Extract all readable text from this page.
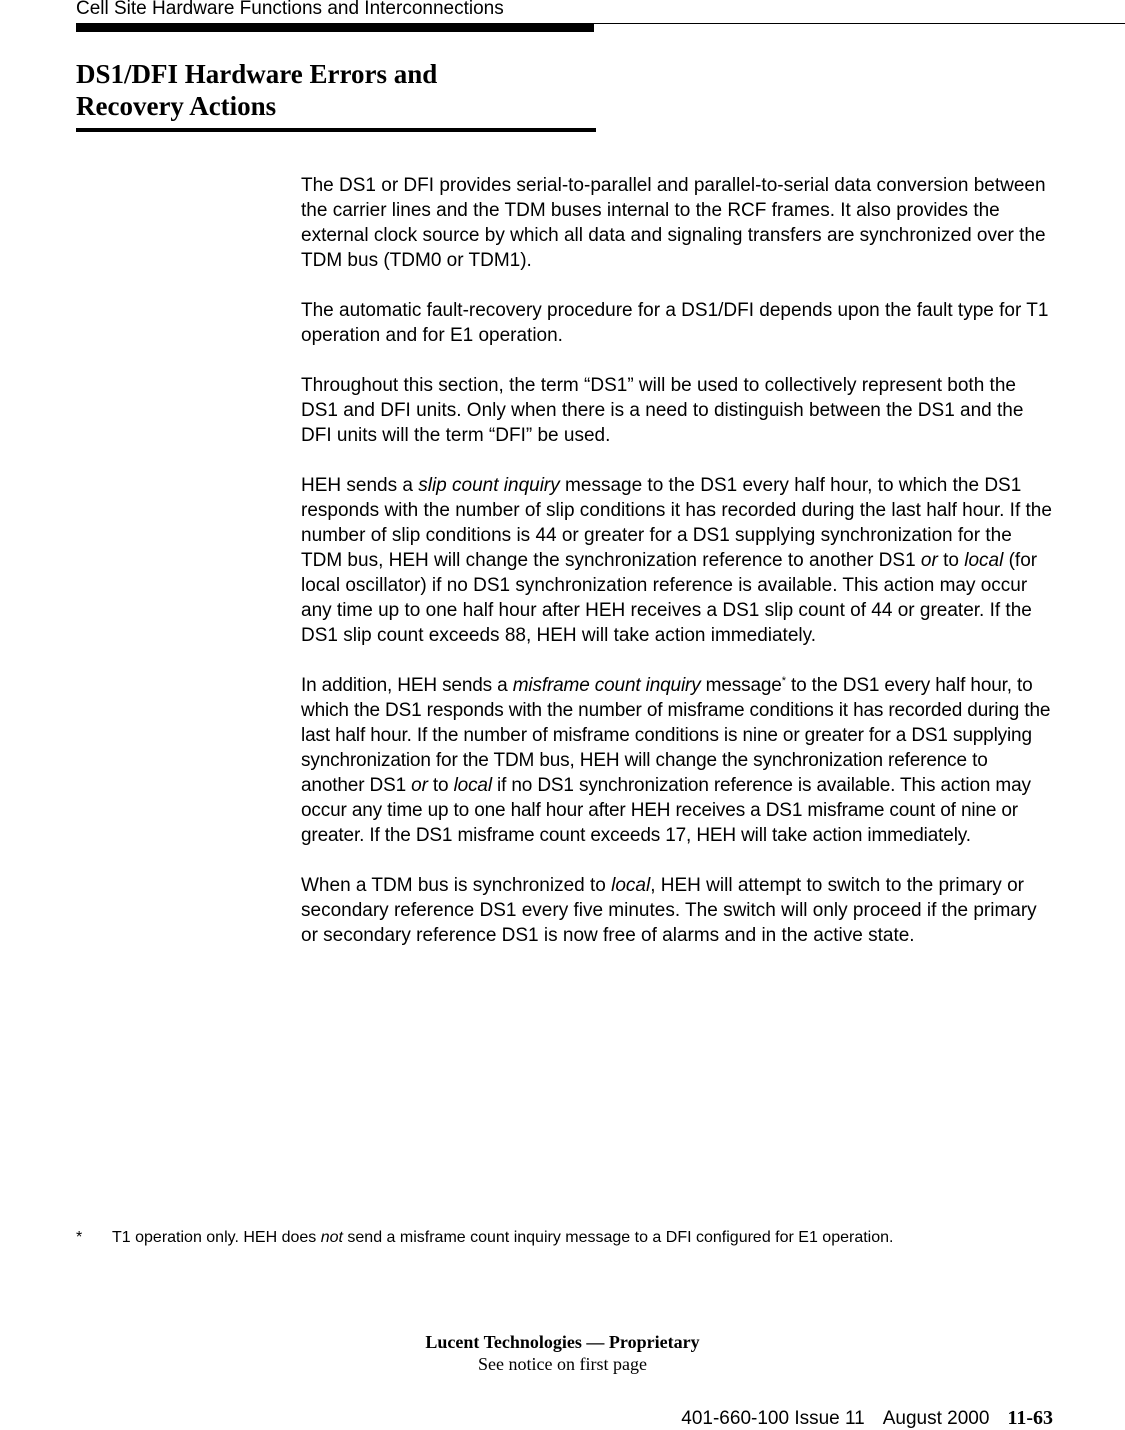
Cell Site Hardware Functions and Interconnections
DS1/DFI Hardware Errors and
Recovery Actions

The DS1 or DFI provides serial-to-parallel and parallel-to-serial data conversion between the carrier lines and the TDM buses internal to the RCF frames. It also provides the external clock source by which all data and signaling transfers are synchronized over the TDM bus (TDM0 or TDM1).

The automatic fault-recovery procedure for a DS1/DFI depends upon the fault type for T1 operation and for E1 operation.

Throughout this section, the term “DS1” will be used to collectively represent both the DS1 and DFI units. Only when there is a need to distinguish between the DS1 and the DFI units will the term “DFI” be used.

HEH sends a slip count inquiry message to the DS1 every half hour, to which the DS1 responds with the number of slip conditions it has recorded during the last half hour. If the number of slip conditions is 44 or greater for a DS1 supplying synchronization for the TDM bus, HEH will change the synchronization reference to another DS1 or to local (for local oscillator) if no DS1 synchronization reference is available. This action may occur any time up to one half hour after HEH receives a DS1 slip count of 44 or greater. If the DS1 slip count exceeds 88, HEH will take action immediately.

In addition, HEH sends a misframe count inquiry message* to the DS1 every half hour, to which the DS1 responds with the number of misframe conditions it has recorded during the last half hour. If the number of misframe conditions is nine or greater for a DS1 supplying synchronization for the TDM bus, HEH will change the synchronization reference to another DS1 or to local if no DS1 synchronization reference is available. This action may occur any time up to one half hour after HEH receives a DS1 misframe count of nine or greater. If the DS1 misframe count exceeds 17, HEH will take action immediately.

When a TDM bus is synchronized to local, HEH will attempt to switch to the primary or secondary reference DS1 every five minutes. The switch will only proceed if the primary or secondary reference DS1 is now free of alarms and in the active state.

* T1 operation only. HEH does not send a misframe count inquiry message to a DFI configured for E1 operation.
Lucent Technologies — Proprietary
See notice on first page
401-660-100 Issue 11 August 2000 11-63
